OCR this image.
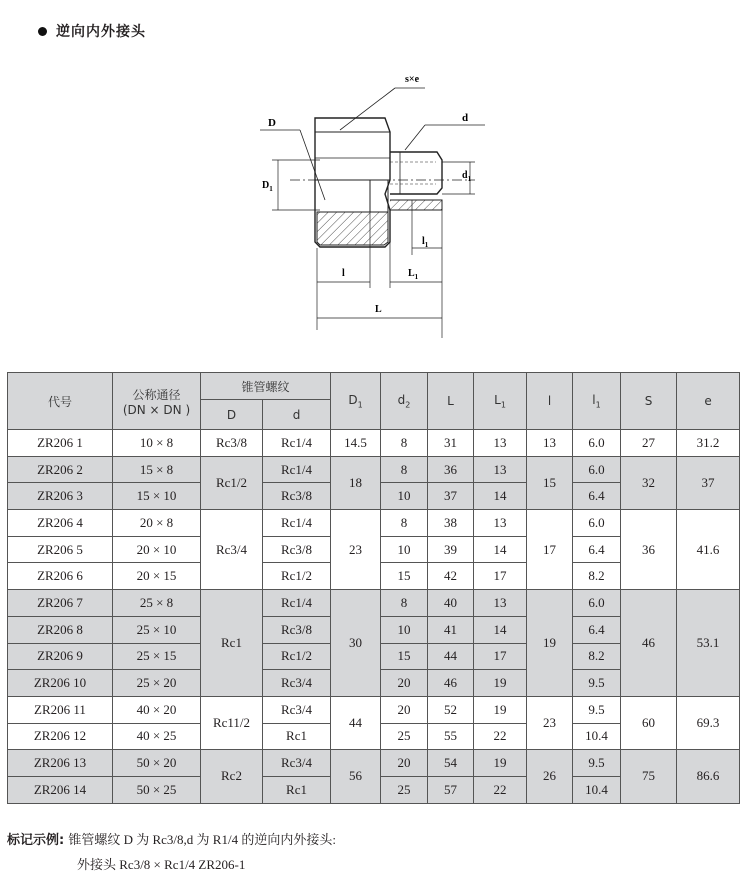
逆向内外接头
s×e
D	d
$D_1$
$d_1$
$l_1$
l	$L_1$
L
代号	公称通径
(DN × DN )	锥管螺纹		$D_1$	$d_2$	L	$L_1$	l	$l_1$	S	e
		D	d								
ZR206 1	10 × 8	Rc3/8	Rc1/4	14.5	8	31	13	13	6.0	27	31.2
ZR206 2	15 × 8	Rc1/2	Rc1/4	18	8	36	13	15	6.0	32	37
ZR206 3	15 × 10		Rc3/8		10	37	14		6.4		
ZR206 4	20 × 8	Rc3/4	Rc1/4	23	8	38	13	17	6.0	36	41.6
ZR206 5	20 × 10		Rc3/8		10	39	14		6.4		
ZR206 6	20 × 15		Rc1/2		15	42	17		8.2		
ZR206 7	25 × 8	Rc1	Rc1/4	30	8	40	13	19	6.0	46	53.1
ZR206 8	25 × 10		Rc3/8		10	41	14		6.4		
ZR206 9	25 × 15		Rc1/2		15	44	17		8.2		
ZR206 10	25 × 20		Rc3/4		20	46	19		9.5		
ZR206 11	40 × 20	Rc11/2	Rc3/4	44	20	52	19	23	9.5	60	69.3
ZR206 12	40 × 25		Rc1		25	55	22		10.4		
ZR206 13	50 × 20	Rc2	Rc3/4	56	20	54	19	26	9.5	75	86.6
ZR206 14	50 × 25		Rc1		25	57	22		10.4		
标记示例: 锥管螺纹 D 为 Rc3/8,d 为 R1/4 的逆向内外接头:
外接头 Rc3/8 × Rc1/4 ZR206-1
